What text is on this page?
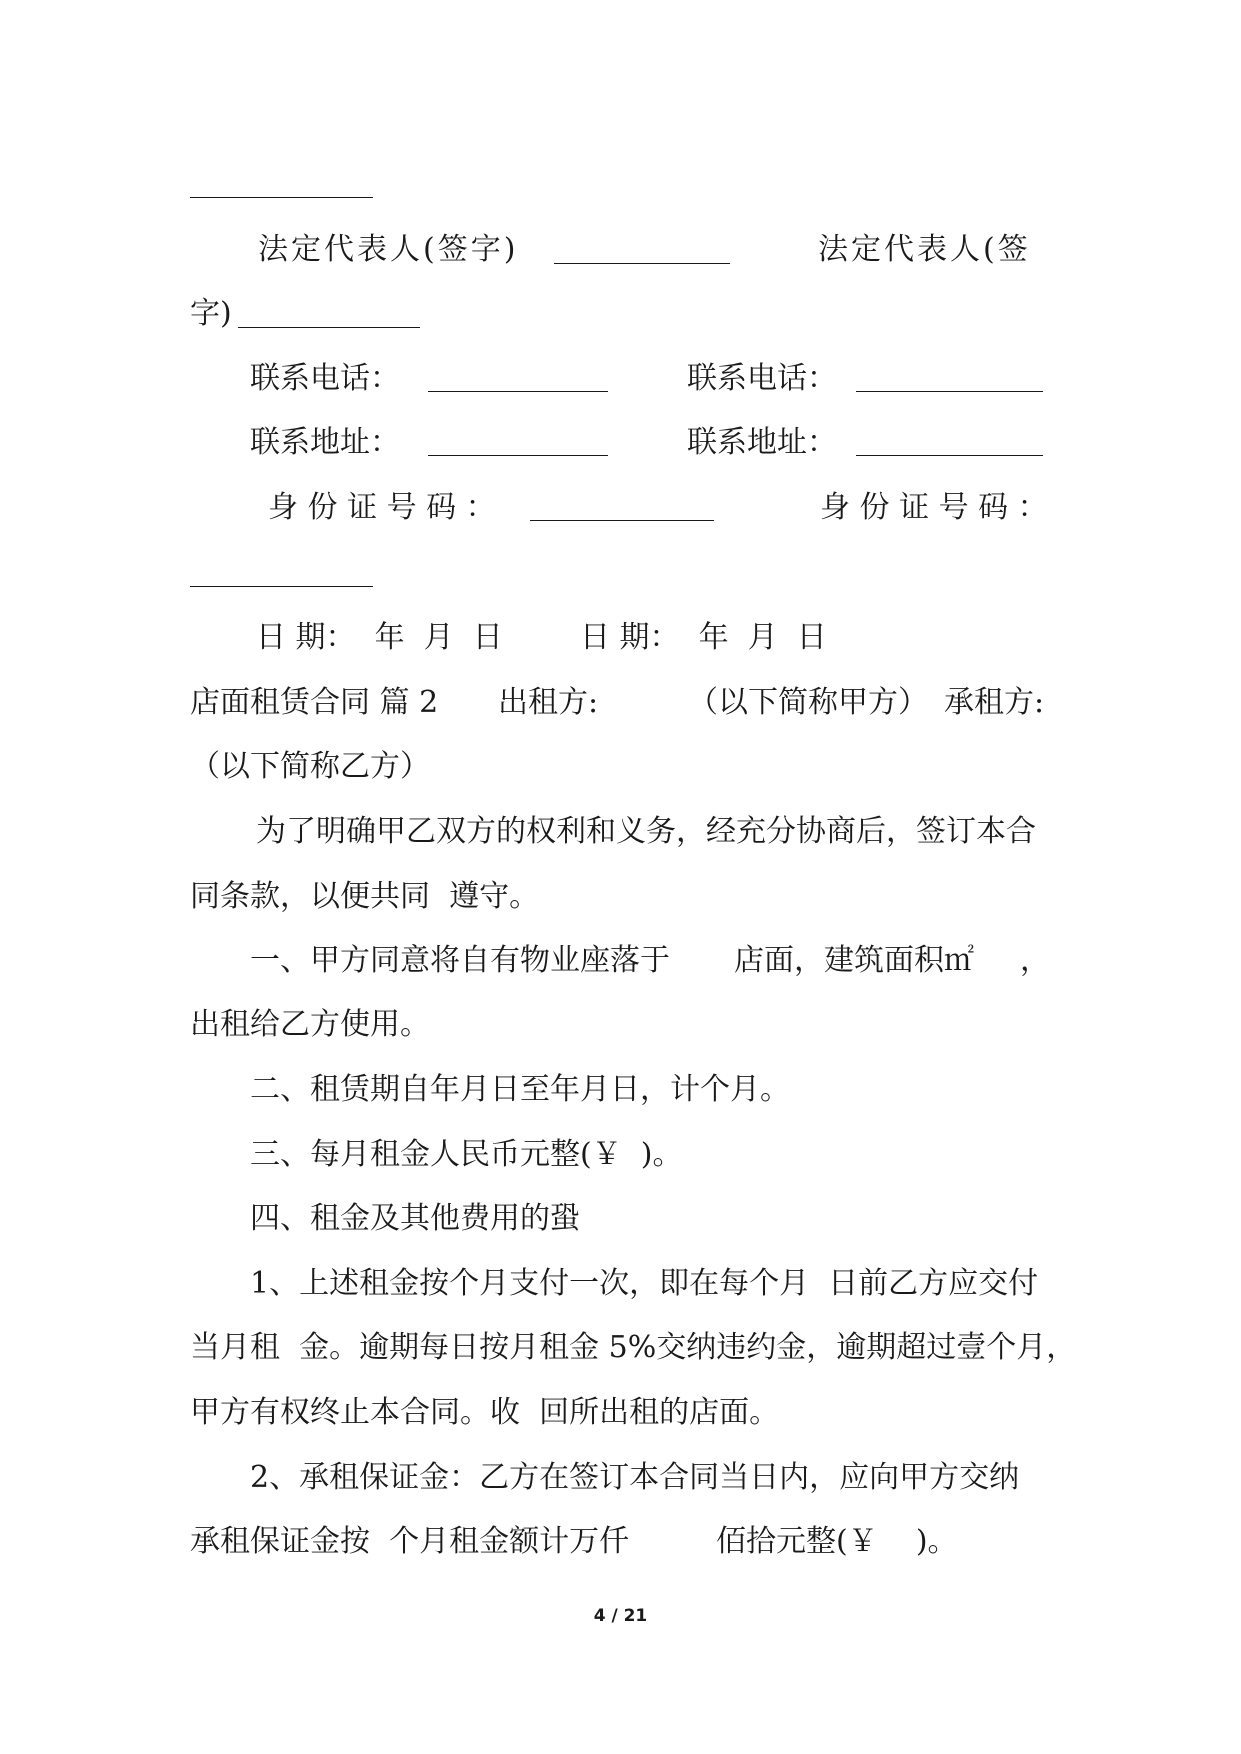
法定代表人(签字)	法定代表人(签
字)
联系电话：	联系电话：
联系地址：	联系地址：
身 份 证 号 码 ：	身 份 证 号 码 ：
日 期：  年  月  日	日 期：  年  月  日
店面租赁合同 篇 2 出租方:	（以下简称甲方） 承租方:
（以下简称乙方）
为了明确甲乙双方的权利和义务，经充分协商后，签订本合
同条款，以便共同  遵守。
一、甲方同意将自有物业座落于 店面，建筑面积㎡ ，
出租给乙方使用。
二、租赁期自年月日至年月日，计个月。
三、每月租金人民币元整(￥  )。
四、租金及其他费用的蛩
1、上述租金按个月支付一次，即在每个月  日前乙方应交付
当月租  金。逾期每日按月租金 5%交纳违约金，逾期超过壹个月，
甲方有权终止本合同。收  回所出租的店面。
2、承租保证金：乙方在签订本合同当日内，应向甲方交纳
承租保证金按  个月租金额计万仟	佰拾元整(￥    )。
4 / 21
